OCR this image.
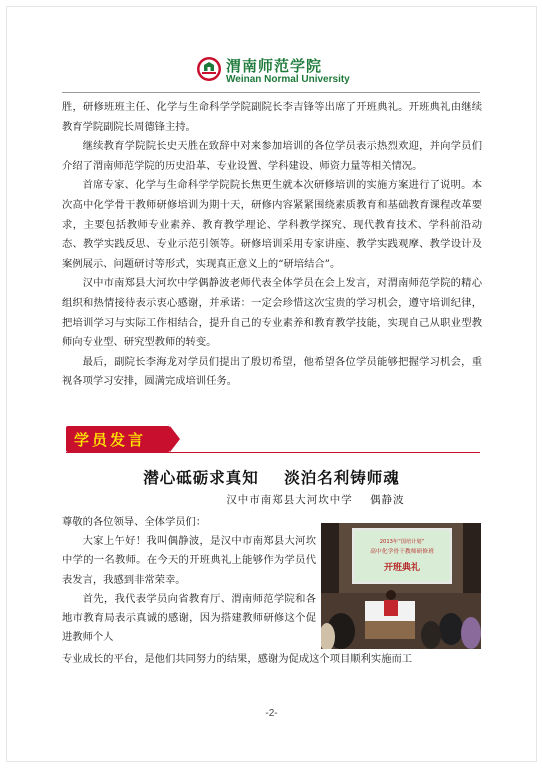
渭南师范学院
Weinan Normal University

胜，研修班班主任、化学与生命科学学院副院长李吉锋等出席了开班典礼。开班典礼由继续教育学院副院长周德锋主持。

继续教育学院院长史天胜在致辞中对来参加培训的各位学员表示热烈欢迎，并向学员们介绍了渭南师范学院的历史沿革、专业设置、学科建设、师资力量等相关情况。

首席专家、化学与生命科学学院院长焦更生就本次研修培训的实施方案进行了说明。本次高中化学骨干教师研修培训为期十天，研修内容紧紧围绕素质教育和基础教育课程改革要求，主要包括教师专业素养、教育教学理论、学科教学探究、现代教育技术、学科前沿动态、教学实践反思、专业示范引领等。研修培训采用专家讲座、教学实践观摩、教学设计及案例展示、问题研讨等形式，实现真正意义上的“研培结合”。

汉中市南郑县大河坎中学偶静波老师代表全体学员在会上发言，对渭南师范学院的精心组织和热情接待表示衷心感谢，并承诺：一定会珍惜这次宝贵的学习机会，遵守培训纪律，把培训学习与实际工作相结合，提升自己的专业素养和教育教学技能，实现自己从职业型教师向专业型、研究型教师的转变。

最后，副院长李海龙对学员们提出了殷切希望，他希望各位学员能够把握学习机会，重视各项学习安排，圆满完成培训任务。

学员发言
潜心砥砺求真知    淡泊名利铸师魂
汉中市南郑县大河坎中学    偶静波

尊敬的各位领导、全体学员们：

大家上午好！我叫偶静波，是汉中市南郑县大河坎中学的一名教师。在今天的开班典礼上能够作为学员代表发言，我感到非常荣幸。

首先，我代表学员向省教育厅、渭南师范学院和各地市教育局表示真诚的感谢，因为搭建教师研修这个促进教师个人

专业成长的平台，是他们共同努力的结果，感谢为促成这个项目顺利实施而工
2013年“国培计划”
高中化学骨干教师研修班
开班典礼
-2-
